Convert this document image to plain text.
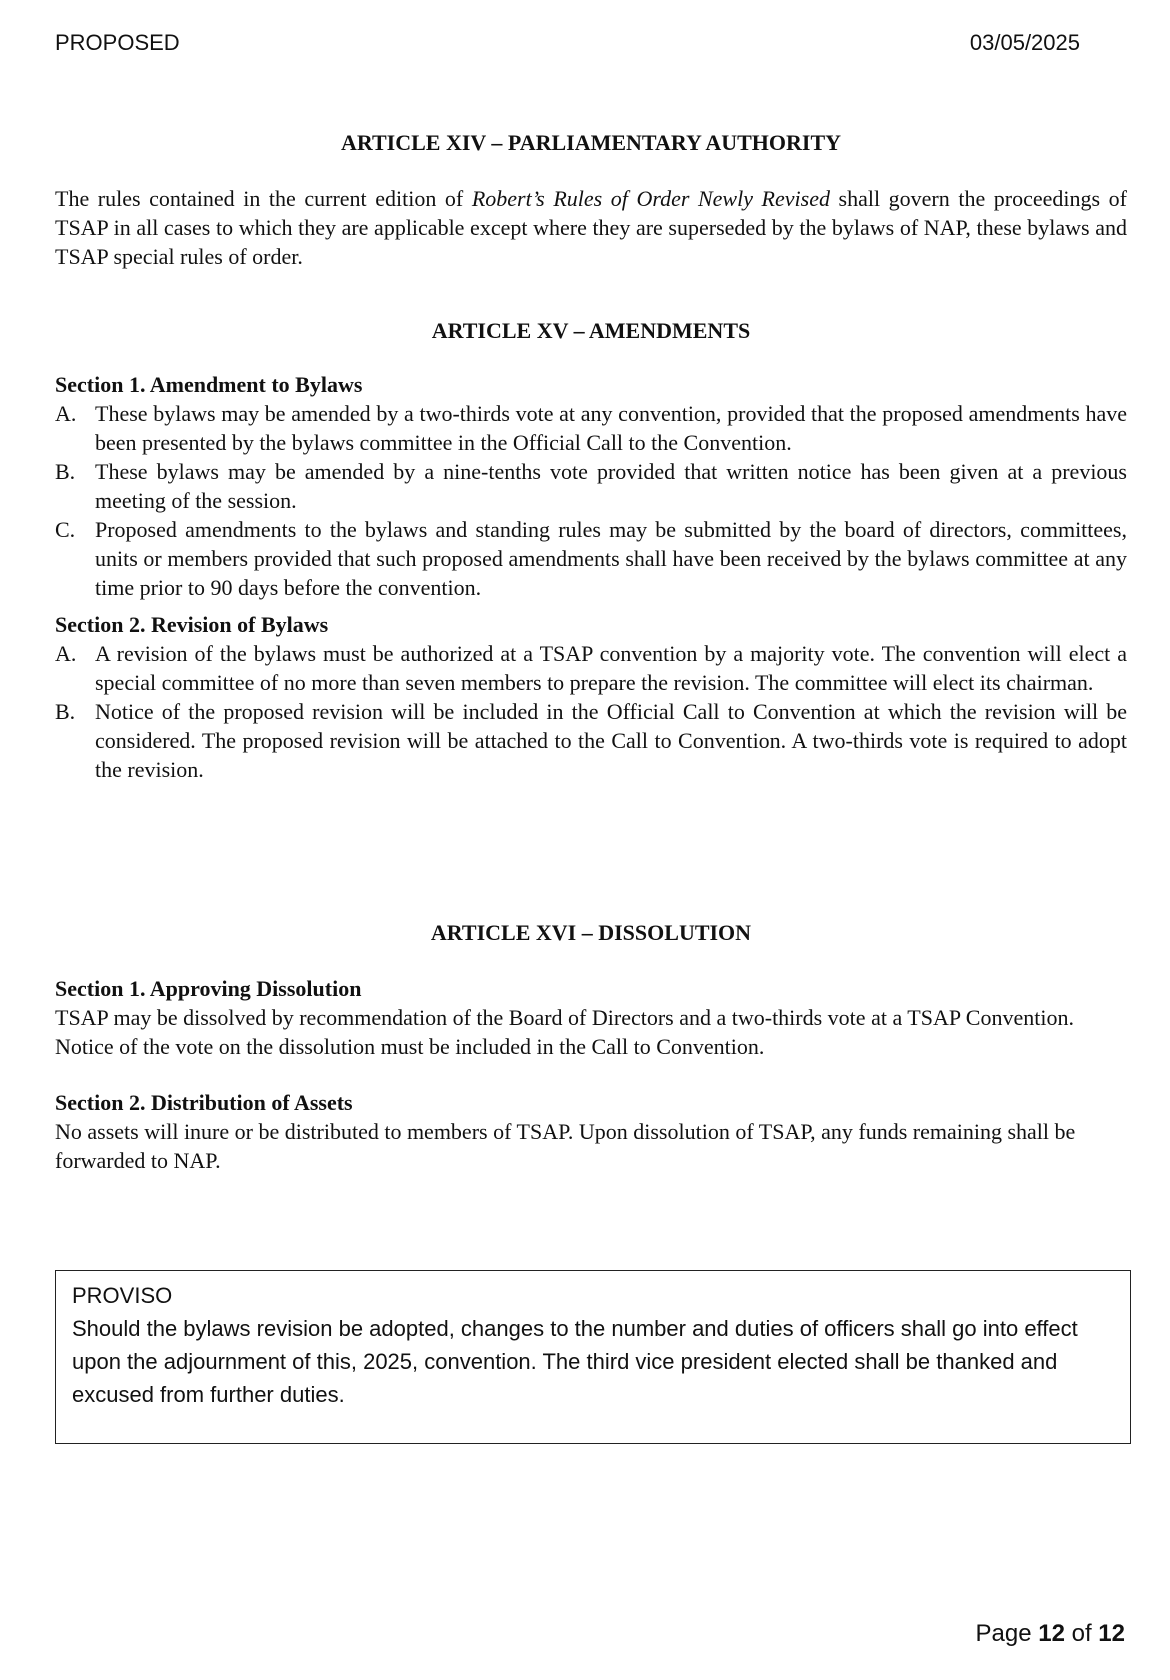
PROPOSED	03/05/2025
ARTICLE XIV – PARLIAMENTARY AUTHORITY
The rules contained in the current edition of Robert’s Rules of Order Newly Revised shall govern the proceedings of TSAP in all cases to which they are applicable except where they are superseded by the bylaws of NAP, these bylaws and TSAP special rules of order.
ARTICLE XV – AMENDMENTS
Section 1. Amendment to Bylaws
A. These bylaws may be amended by a two-thirds vote at any convention, provided that the proposed amendments have been presented by the bylaws committee in the Official Call to the Convention.
B. These bylaws may be amended by a nine-tenths vote provided that written notice has been given at a previous meeting of the session.
C. Proposed amendments to the bylaws and standing rules may be submitted by the board of directors, committees, units or members provided that such proposed amendments shall have been received by the bylaws committee at any time prior to 90 days before the convention.
Section 2. Revision of Bylaws
A. A revision of the bylaws must be authorized at a TSAP convention by a majority vote. The convention will elect a special committee of no more than seven members to prepare the revision. The committee will elect its chairman.
B. Notice of the proposed revision will be included in the Official Call to Convention at which the revision will be considered. The proposed revision will be attached to the Call to Convention. A two-thirds vote is required to adopt the revision.
ARTICLE XVI – DISSOLUTION
Section 1. Approving Dissolution
TSAP may be dissolved by recommendation of the Board of Directors and a two-thirds vote at a TSAP Convention. Notice of the vote on the dissolution must be included in the Call to Convention.
Section 2. Distribution of Assets
No assets will inure or be distributed to members of TSAP. Upon dissolution of TSAP, any funds remaining shall be forwarded to NAP.
PROVISO
Should the bylaws revision be adopted, changes to the number and duties of officers shall go into effect upon the adjournment of this, 2025, convention. The third vice president elected shall be thanked and excused from further duties.
Page 12 of 12
